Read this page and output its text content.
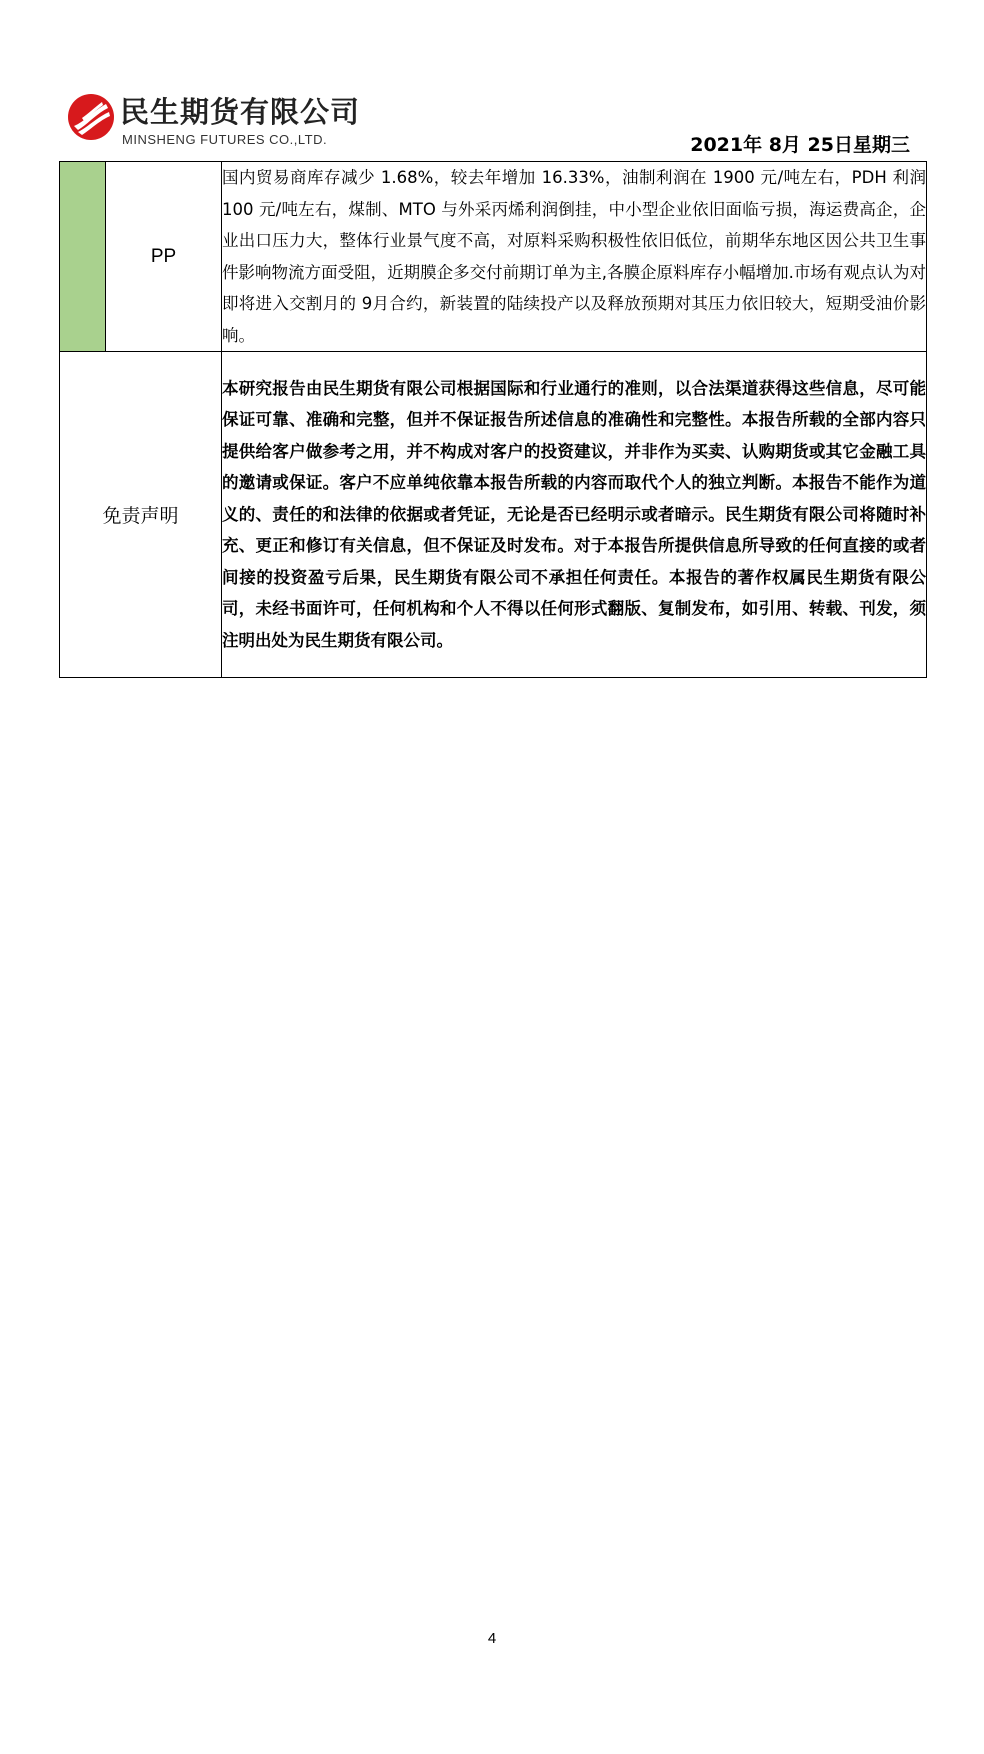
民生期货有限公司
MINSHENG FUTURES CO.,LTD.	2021年 8月 25日星期三
	PP	国内贸易商库存减少 1.68%，较去年增加 16.33%，油制利润在 1900 元/吨左右，PDH 利润 100 元/吨左右，煤制、MTO 与外采丙烯利润倒挂，中小型企业依旧面临亏损，海运费高企，企业出口压力大，整体行业景气度不高，对原料采购积极性依旧低位，前期华东地区因公共卫生事件影响物流方面受阻，近期膜企多交付前期订单为主,各膜企原料库存小幅增加.市场有观点认为对即将进入交割月的 9月合约，新装置的陆续投产以及释放预期对其压力依旧较大，短期受油价影响。
免责声明		本研究报告由民生期货有限公司根据国际和行业通行的准则，以合法渠道获得这些信息，尽可能保证可靠、准确和完整，但并不保证报告所述信息的准确性和完整性。本报告所载的全部内容只提供给客户做参考之用，并不构成对客户的投资建议，并非作为买卖、认购期货或其它金融工具的邀请或保证。客户不应单纯依靠本报告所载的内容而取代个人的独立判断。本报告不能作为道义的、责任的和法律的依据或者凭证，无论是否已经明示或者暗示。民生期货有限公司将随时补充、更正和修订有关信息，但不保证及时发布。对于本报告所提供信息所导致的任何直接的或者间接的投资盈亏后果，民生期货有限公司不承担任何责任。本报告的著作权属民生期货有限公司，未经书面许可，任何机构和个人不得以任何形式翻版、复制发布，如引用、转载、刊发，须注明出处为民生期货有限公司。
4
